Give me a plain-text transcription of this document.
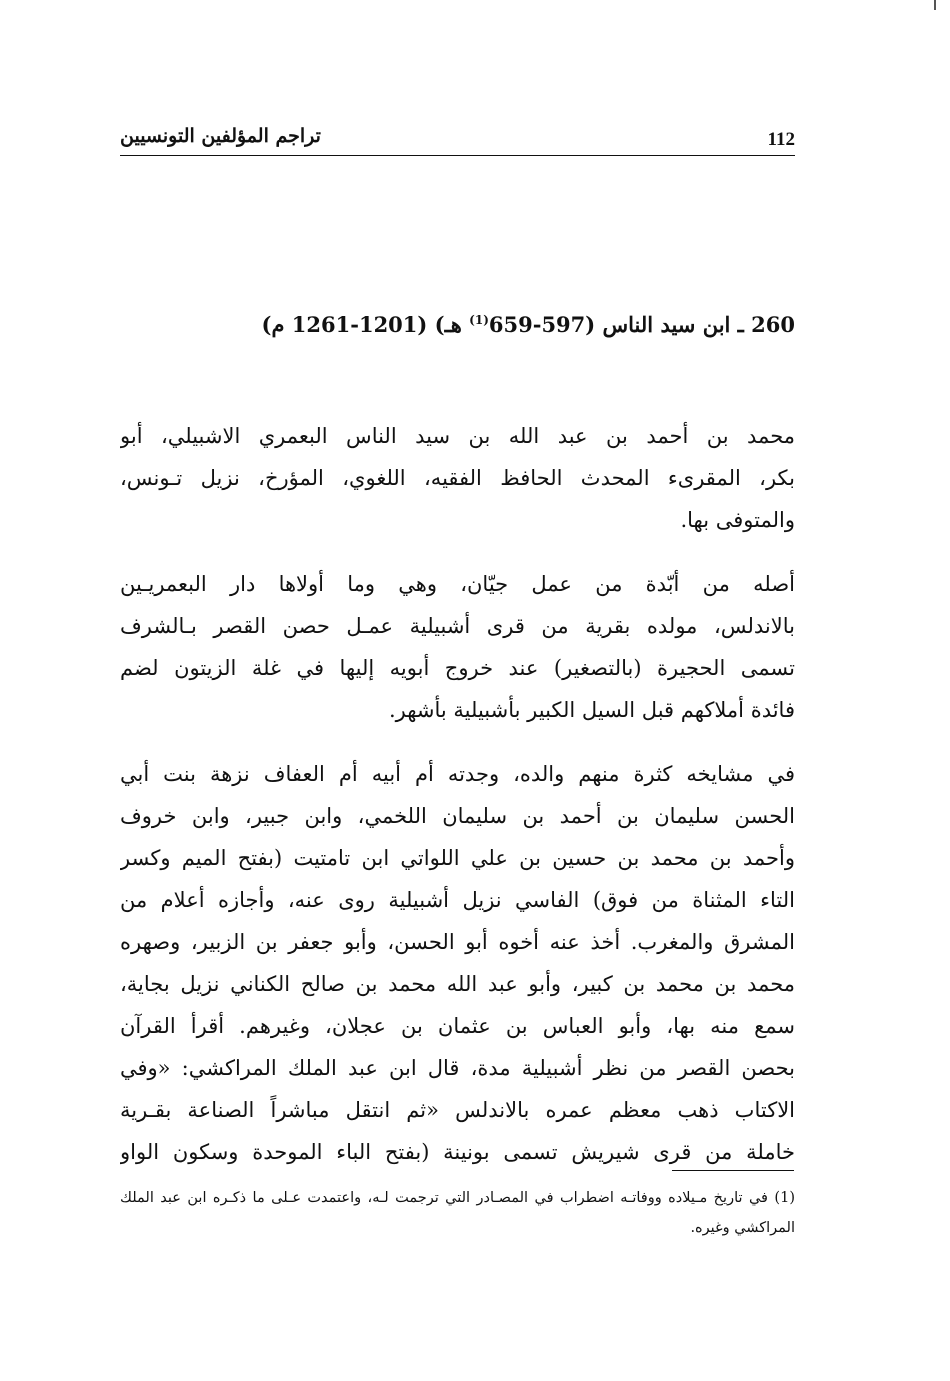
تراجم المؤلفين التونسيين	112
260 ـ ابن سيد الناس (597-659$^{(1)}$ هـ) (1201-1261 م)

محمد بن أحمد بن عبد الله بن سيد الناس البعمري الاشبيلي، أبو
بكر، المقرىء المحدث الحافظ الفقيه، اللغوي، المؤرخ، نزيل تـونس،
والمتوفى بها.

أصله من أبّدة من عمل جيّان، وهي وما أولاها دار البعمريـين
بالاندلس، مولده بقرية من قرى أشبيلية عمـل حصن القصر بـالشرف
تسمى الحجيرة (بالتصغير) عند خروج أبويه إليها في غلة الزيتون لضم
فائدة أملاكهم قبل السيل الكبير بأشبيلية بأشهر.

في مشايخه كثرة منهم والده، وجدته أم أبيه أم العفاف نزهة بنت أبي
الحسن سليمان بن أحمد بن سليمان اللخمي، وابن جبير، وابن خروف
وأحمد بن محمد بن حسين بن علي اللواتي ابن تامتيت (بفتح الميم وكسر
التاء المثناة من فوق) الفاسي نزيل أشبيلية روى عنه، وأجازه أعلام من
المشرق والمغرب. أخذ عنه أخوه أبو الحسن، وأبو جعفر بن الزبير، وصهره
محمد بن محمد بن كبير، وأبو عبد الله محمد بن صالح الكناني نزيل بجاية،
سمع منه بها، وأبو العباس بن عثمان بن عجلان، وغيرهم. أقرأ القرآن
بحصن القصر من نظر أشبيلية مدة، قال ابن عبد الملك المراكشي: «وفي
الاكتاب ذهب معظم عمره بالاندلس «ثم انتقل مباشراً الصناعة بقـرية
خاملة من قرى شيريش تسمى بونينة (بفتح الباء الموحدة وسكون الواو

(1) في تاريخ مـيلاده ووفاتـه اضطراب في المصـادر التي ترجمت لـه، واعتمدت عـلى ما ذكـره ابن عبد الملك
المراكشي وغيره.
